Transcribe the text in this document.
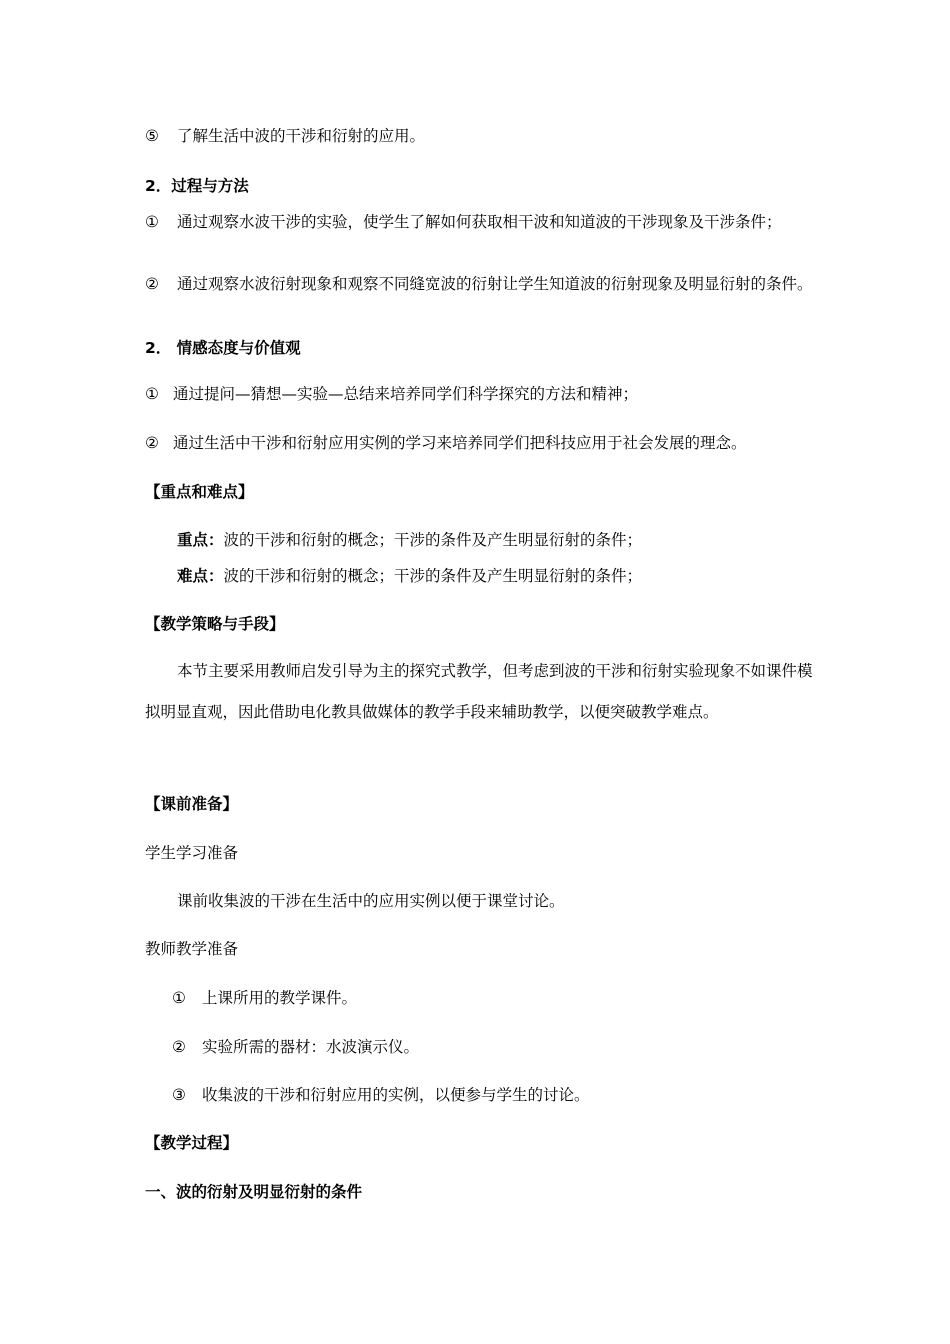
⑤ 了解生活中波的干涉和衍射的应用。
2．过程与方法
①	通过观察水波干涉的实验，使学生了解如何获取相干波和知道波的干涉现象及干涉条件；
②	通过观察水波衍射现象和观察不同缝宽波的衍射让学生知道波的衍射现象及明显衍射的条件。
2． 情感态度与价值观
① 通过提问—猜想—实验—总结来培养同学们科学探究的方法和精神；
② 通过生活中干涉和衍射应用实例的学习来培养同学们把科技应用于社会发展的理念。
【重点和难点】
重点：波的干涉和衍射的概念；干涉的条件及产生明显衍射的条件；
难点：波的干涉和衍射的概念；干涉的条件及产生明显衍射的条件；
【教学策略与手段】
本节主要采用教师启发引导为主的探究式教学，但考虑到波的干涉和衍射实验现象不如课件模拟明显直观，因此借助电化教具做媒体的教学手段来辅助教学，以便突破教学难点。
【课前准备】
学生学习准备
课前收集波的干涉在生活中的应用实例以便于课堂讨论。
教师教学准备
① 上课所用的教学课件。
② 实验所需的器材：水波演示仪。
③ 收集波的干涉和衍射应用的实例，以便参与学生的讨论。
【教学过程】
一、波的衍射及明显衍射的条件
